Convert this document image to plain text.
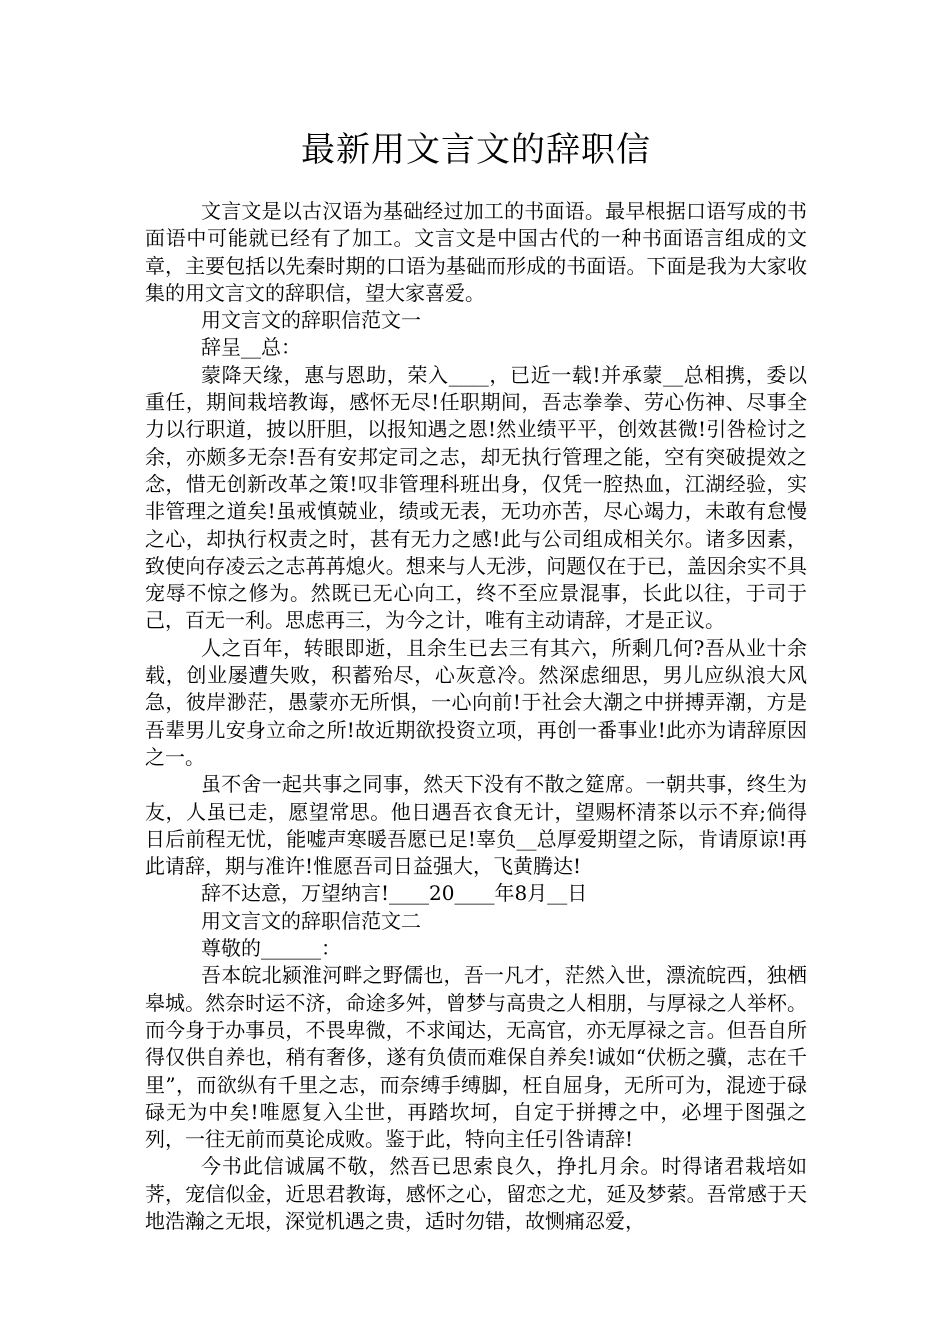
最新用文言文的辞职信

文言文是以古汉语为基础经过加工的书面语。最早根据口语写成的书面语中可能就已经有了加工。文言文是中国古代的一种书面语言组成的文章，主要包括以先秦时期的口语为基础而形成的书面语。下面是我为大家收集的用文言文的辞职信，望大家喜爱。

用文言文的辞职信范文一

辞呈__总：

蒙降天缘，惠与恩助，荣入____，已近一载!并承蒙__总相携，委以重任，期间栽培教诲，感怀无尽!任职期间，吾志拳拳、劳心伤神、尽事全力以行职道，披以肝胆，以报知遇之恩!然业绩平平，创效甚微!引咎检讨之余，亦颇多无奈!吾有安邦定司之志，却无执行管理之能，空有突破提效之念，惜无创新改革之策!叹非管理科班出身，仅凭一腔热血，江湖经验，实非管理之道矣!虽戒慎兢业，绩或无表，无功亦苦，尽心竭力，未敢有怠慢之心，却执行权责之时，甚有无力之感!此与公司组成相关尔。诸多因素，致使向存凌云之志苒苒熄火。想来与人无涉，问题仅在于已，盖因余实不具宠辱不惊之修为。然既已无心向工，终不至应景混事，长此以往，于司于己，百无一利。思虑再三，为今之计，唯有主动请辞，才是正议。

人之百年，转眼即逝，且余生已去三有其六，所剩几何?吾从业十余载，创业屡遭失败，积蓄殆尽，心灰意冷。然深虑细思，男儿应纵浪大风急，彼岸渺茫，愚蒙亦无所惧，一心向前!于社会大潮之中拼搏弄潮，方是吾辈男儿安身立命之所!故近期欲投资立项，再创一番事业!此亦为请辞原因之一。

虽不舍一起共事之同事，然天下没有不散之筵席。一朝共事，终生为友，人虽已走，愿望常思。他日遇吾衣食无计，望赐杯清茶以示不弃;倘得日后前程无忧，能嘘声寒暖吾愿已足!辜负__总厚爱期望之际，肯请原谅!再此请辞，期与准许!惟愿吾司日益强大，飞黄腾达!

辞不达意，万望纳言!____20____年8月__日

用文言文的辞职信范文二

尊敬的______：

吾本皖北颍淮河畔之野儒也，吾一凡才，茫然入世，漂流皖西，独栖皋城。然奈时运不济，命途多舛，曾梦与高贵之人相朋，与厚禄之人举杯。而今身于办事员，不畏卑微，不求闻达，无高官，亦无厚禄之言。但吾自所得仅供自养也，稍有奢侈，遂有负债而难保自养矣!诚如“伏枥之骥，志在千里”，而欲纵有千里之志，而奈缚手缚脚，枉自屈身，无所可为，混迹于碌碌无为中矣!唯愿复入尘世，再踏坎坷，自定于拼搏之中，必埋于图强之列，一往无前而莫论成败。鉴于此，特向主任引咎请辞!

今书此信诚属不敬，然吾已思索良久，挣扎月余。时得诸君栽培如荠，宠信似金，近思君教诲，感怀之心，留恋之尤，延及梦萦。吾常感于天地浩瀚之无垠，深觉机遇之贵，适时勿错，故恻痛忍爱，
